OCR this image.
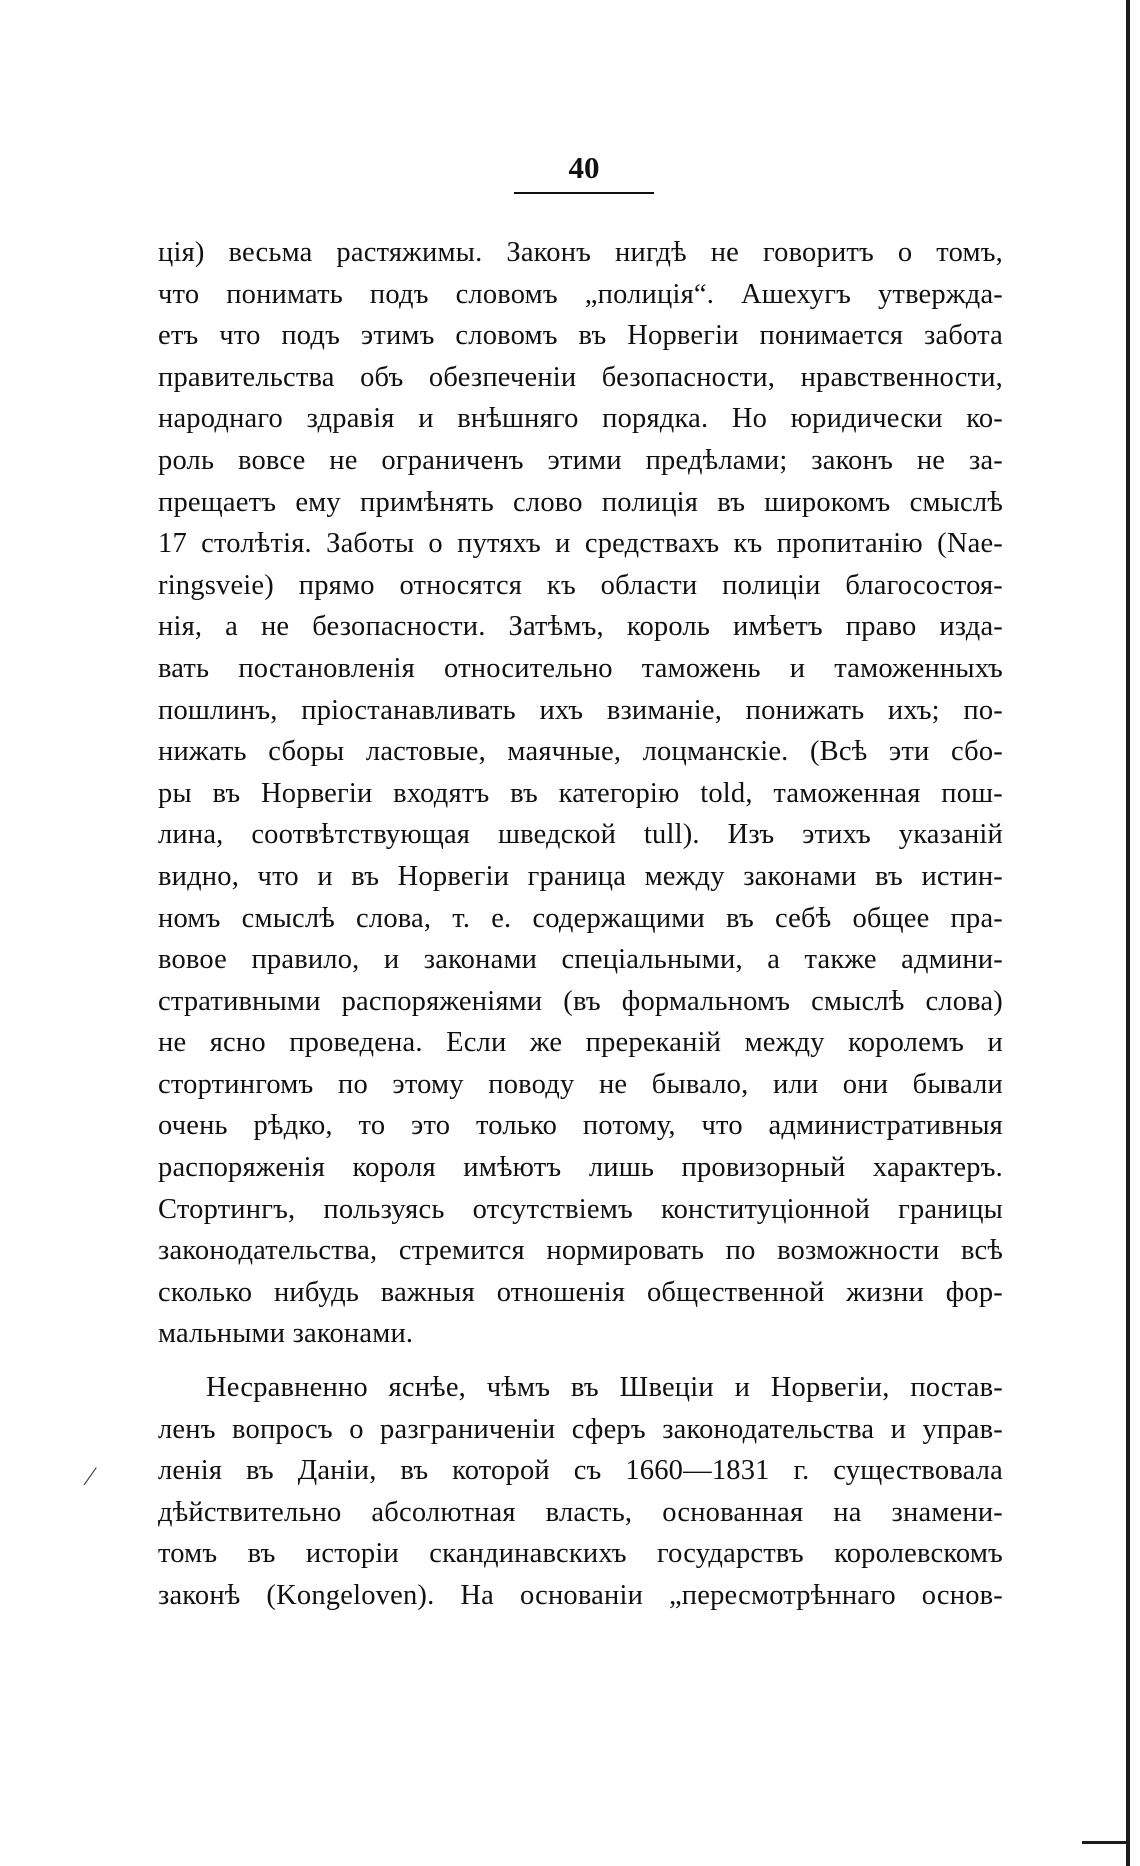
40
ція) весьма растяжимы. Законъ нигдѣ не говоритъ о томъ,
что понимать подъ словомъ „полиція“. Ашехугъ утвержда-
етъ что подъ этимъ словомъ въ Норвегіи понимается забота
правительства объ обезпеченіи безопасности, нравственности,
народнаго здравія и внѣшняго порядка. Но юридически ко-
роль вовсе не ограниченъ этими предѣлами; законъ не за-
прещаетъ ему примѣнять слово полиція въ широкомъ смыслѣ
17 столѣтія. Заботы о путяхъ и средствахъ къ пропитанію (Nae-
ringsveie) прямо относятся къ области полиціи благосостоя-
нія, а не безопасности. Затѣмъ, король имѣетъ право изда-
вать постановленія относительно таможень и таможенныхъ
пошлинъ, пріостанавливать ихъ взиманіе, понижать ихъ; по-
нижать сборы ластовые, маячные, лоцманскіе. (Всѣ эти сбо-
ры въ Норвегіи входятъ въ категорію told, таможенная пош-
лина, соотвѣтствующая шведской tull). Изъ этихъ указаній
видно, что и въ Норвегіи граница между законами въ истин-
номъ смыслѣ слова, т. е. содержащими въ себѣ общее пра-
вовое правило, и законами спеціальными, а также админи-
стративными распоряженіями (въ формальномъ смыслѣ слова)
не ясно проведена. Если же пререканій между королемъ и
стортингомъ по этому поводу не бывало, или они бывали
очень рѣдко, то это только потому, что административныя
распоряженія короля имѣютъ лишь провизорный характеръ.
Стортингъ, пользуясь отсутствіемъ конституціонной границы
законодательства, стремится нормировать по возможности всѣ
сколько нибудь важныя отношенія общественной жизни фор-
мальными законами.
Несравненно яснѣе, чѣмъ въ Швеціи и Норвегіи, постав-
ленъ вопросъ о разграниченіи сферъ законодательства и управ-
ленія въ Даніи, въ которой съ 1660—1831 г. существовала
дѣйствительно абсолютная власть, основанная на знамени-
томъ въ исторіи скандинавскихъ государствъ королевскомъ
законѣ (Kongeloven). На основаніи „пересмотрѣннаго основ-
⁄
